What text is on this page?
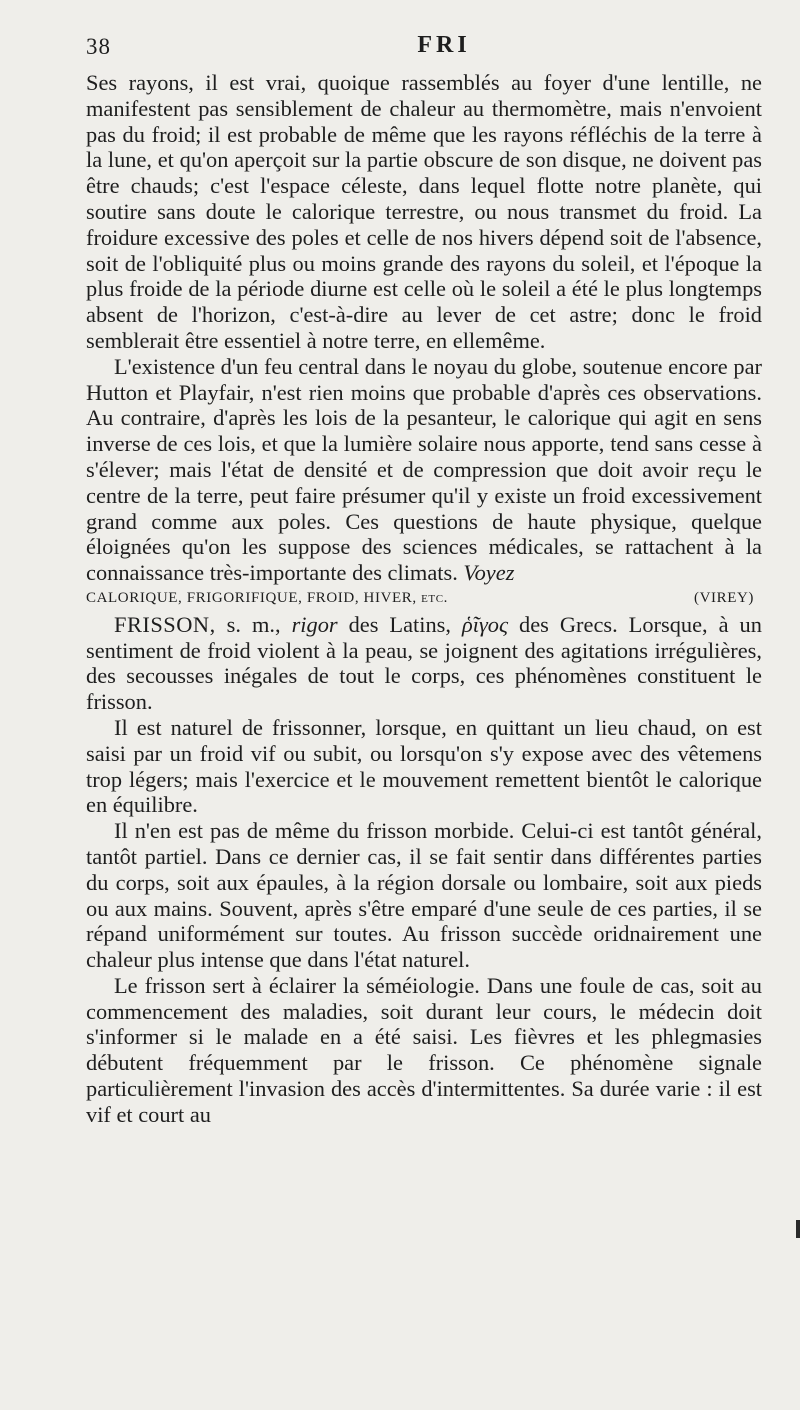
38	FRI

Ses rayons, il est vrai, quoique rassemblés au foyer d'une lentille, ne manifestent pas sensiblement de chaleur au thermomètre, mais n'envoient pas du froid; il est probable de même que les rayons réfléchis de la terre à la lune, et qu'on aperçoit sur la partie obscure de son disque, ne doivent pas être chauds; c'est l'espace céleste, dans lequel flotte notre planète, qui soutire sans doute le calorique terrestre, ou nous transmet du froid. La froidure excessive des poles et celle de nos hivers dépend soit de l'absence, soit de l'obliquité plus ou moins grande des rayons du soleil, et l'époque la plus froide de la période diurne est celle où le soleil a été le plus longtemps absent de l'horizon, c'est-à-dire au lever de cet astre; donc le froid semblerait être essentiel à notre terre, en ellemême.

L'existence d'un feu central dans le noyau du globe, soutenue encore par Hutton et Playfair, n'est rien moins que probable d'après ces observations. Au contraire, d'après les lois de la pesanteur, le calorique qui agit en sens inverse de ces lois, et que la lumière solaire nous apporte, tend sans cesse à s'élever; mais l'état de densité et de compression que doit avoir reçu le centre de la terre, peut faire présumer qu'il y existe un froid excessivement grand comme aux poles. Ces questions de haute physique, quelque éloignées qu'on les suppose des sciences médicales, se rattachent à la connaissance très-importante des climats. Voyez

CALORIQUE, FRIGORIFIQUE, FROID, HIVER, etc.	(VIREY)

FRISSON, s. m., rigor des Latins, ῥῖγος des Grecs. Lorsque, à un sentiment de froid violent à la peau, se joignent des agitations irrégulières, des secousses inégales de tout le corps, ces phénomènes constituent le frisson.

Il est naturel de frissonner, lorsque, en quittant un lieu chaud, on est saisi par un froid vif ou subit, ou lorsqu'on s'y expose avec des vêtemens trop légers; mais l'exercice et le mouvement remettent bientôt le calorique en équilibre.

Il n'en est pas de même du frisson morbide. Celui-ci est tantôt général, tantôt partiel. Dans ce dernier cas, il se fait sentir dans différentes parties du corps, soit aux épaules, à la région dorsale ou lombaire, soit aux pieds ou aux mains. Souvent, après s'être emparé d'une seule de ces parties, il se répand uniformément sur toutes. Au frisson succède oridnairement une chaleur plus intense que dans l'état naturel.

Le frisson sert à éclairer la séméiologie. Dans une foule de cas, soit au commencement des maladies, soit durant leur cours, le médecin doit s'informer si le malade en a été saisi. Les fièvres et les phlegmasies débutent fréquemment par le frisson. Ce phénomène signale particulièrement l'invasion des accès d'intermittentes. Sa durée varie : il est vif et court au
